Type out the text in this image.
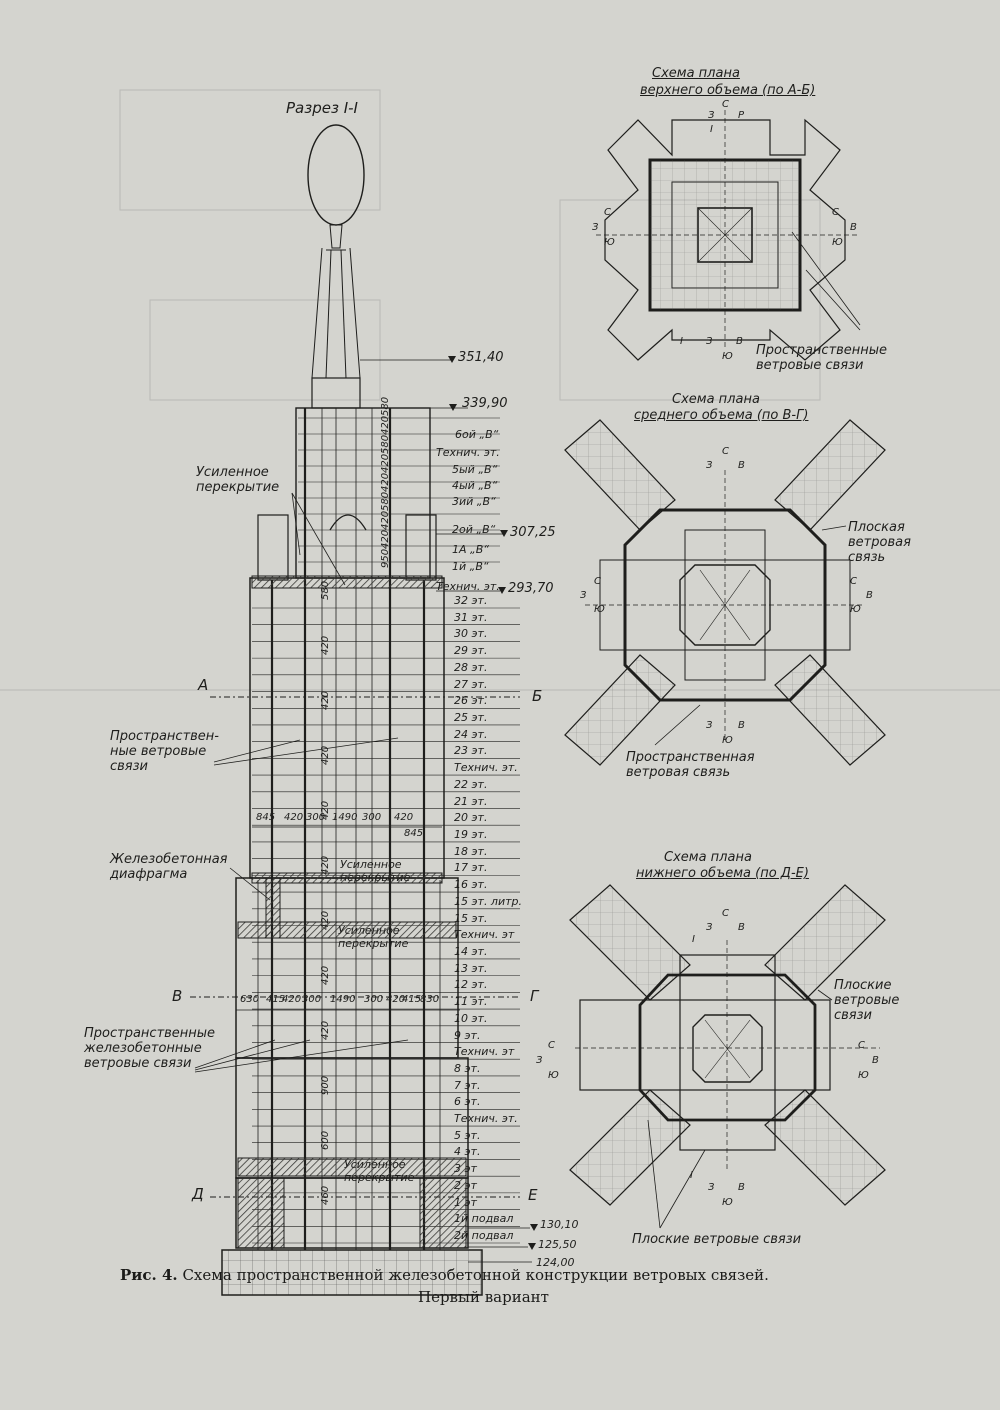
Разрез I-I
351,40
339,90
307,25
293,70
130,10
125,50
124,00
6ой „В“
Технич. эт.
5ый „В“
4ый „В“
3ий „В“
2ой „В“
1А „В“
1й „В“
Технич. эт.
32 эт.
31 эт.
30 эт.
29 эт.
28 эт.
27 эт.
26 эт.
25 эт.
24 эт.
23 эт.
Технич. эт.
22 эт.
21 эт.
20 эт.
19 эт.
18 эт.
17 эт.
16 эт.
15 эт. литр.
15 эт.
Технич. эт
14 эт.
13 эт.
12 эт.
11 эт.
10 эт.
9 эт.
Технич. эт
8 эт.
7 эт.
6 эт.
Технич. эт.
5 эт.
4 эт.
3 эт
2 эт
1 эт
1й подвал
2й подвал
А
Б
В	Г
Д	Е
845 420 300 1490 300 420
845
630 415
420 300 1490 300 420
415
830
580
420
580
420
420
580
420
420
950
580
420
420
420
420
420
420
420
420
900
600
460
Усиленное
перекрытие
Пространствен-
ные ветровые
связи
Железобетонная
диафрагма
Усиленное
перекрытие
Усиленное
перекрытие
Пространственные
железобетонные
ветровые связи
Усиленное
перекрытие
Схема плана
верхнего объема (по А-Б)
С
З Р
I
С
З
Ю
С
В
Ю
I З В
Ю Пространственные
ветровые связи
Схема плана
среднего объема (по В-Г)
С
З	В
С
З
Ю
С
В
Ю
З	В
Ю
Плоская
ветровая
связь
Пространственная
ветровая связь
Схема плана
нижнего объема (по Д-Е)
С
З	В
I
С
З
Ю
С
В
Ю
I
З В
Ю
Плоские
ветровые
связи
Плоские ветровые связи
Рис. 4. Схема пространственной железобетонной конструкции ветровых связей.
Первый вариант
